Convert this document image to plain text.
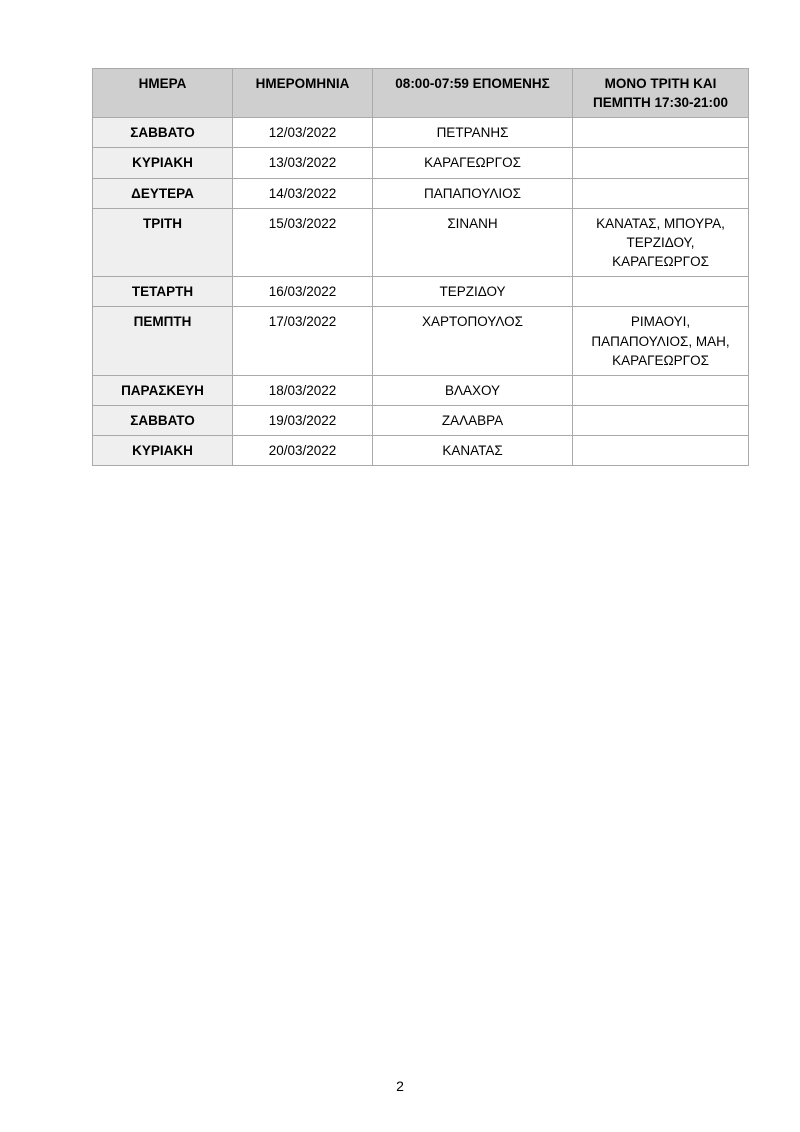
ΗΜΕΡΑ	ΗΜΕΡΟΜΗΝΙΑ	08:00-07:59 ΕΠΟΜΕΝΗΣ	ΜΟΝΟ ΤΡΙΤΗ ΚΑΙ ΠΕΜΠΤΗ 17:30-21:00
ΣΑΒΒΑΤΟ	12/03/2022	ΠΕΤΡΑΝΗΣ	
ΚΥΡΙΑΚΗ	13/03/2022	ΚΑΡΑΓΕΩΡΓΟΣ	
ΔΕΥΤΕΡΑ	14/03/2022	ΠΑΠΑΠΟΥΛΙΟΣ	
ΤΡΙΤΗ	15/03/2022	ΣΙΝΑΝΗ	ΚΑΝΑΤΑΣ, ΜΠΟΥΡΑ, ΤΕΡΖΙΔΟΥ, ΚΑΡΑΓΕΩΡΓΟΣ
ΤΕΤΑΡΤΗ	16/03/2022	ΤΕΡΖΙΔΟΥ	
ΠΕΜΠΤΗ	17/03/2022	ΧΑΡΤΟΠΟΥΛΟΣ	ΡΙΜΑΟΥΙ, ΠΑΠΑΠΟΥΛΙΟΣ, ΜΑΗ, ΚΑΡΑΓΕΩΡΓΟΣ
ΠΑΡΑΣΚΕΥΗ	18/03/2022	ΒΛΑΧΟΥ	
ΣΑΒΒΑΤΟ	19/03/2022	ΖΑΛΑΒΡΑ	
ΚΥΡΙΑΚΗ	20/03/2022	ΚΑΝΑΤΑΣ	
2
